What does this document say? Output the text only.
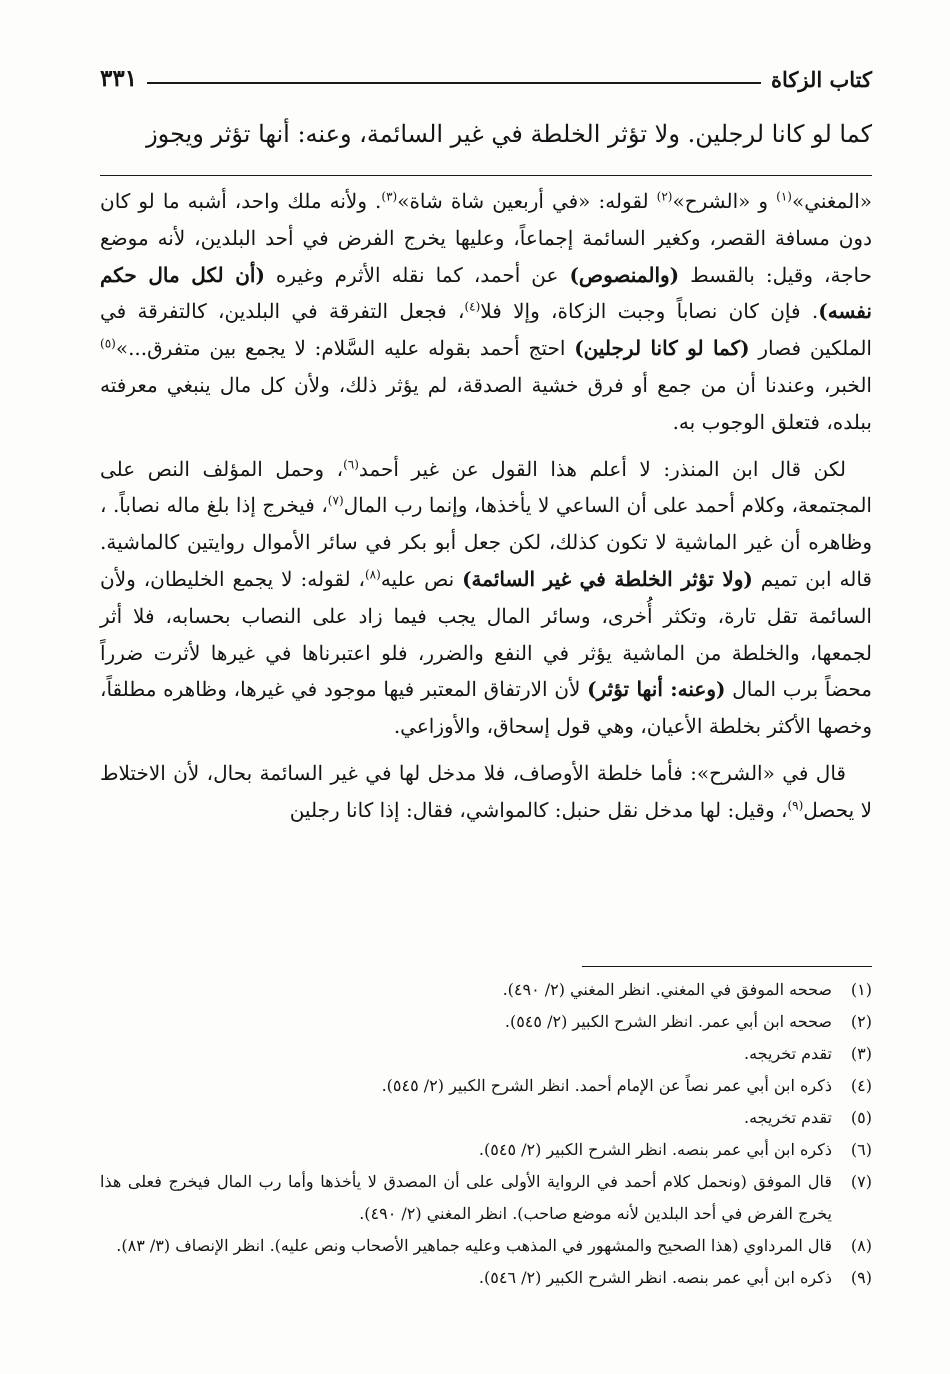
كتاب الزكاة
٣٣١
كما لو كانا لرجلين. ولا تؤثر الخلطة في غير السائمة، وعنه: أنها تؤثر ويجوز

«المغني»$^{(١)}$ و «الشرح»$^{(٢)}$ لقوله: «في أربعين شاة شاة»$^{(٣)}$. ولأنه ملك واحد، أشبه ما لو كان دون مسافة القصر، وكغير السائمة إجماعاً، وعليها يخرج الفرض في أحد البلدين، لأنه موضع حاجة، وقيل: بالقسط (والمنصوص) عن أحمد، كما نقله الأثرم وغيره (أن لكل مال حكم نفسه). فإن كان نصاباً وجبت الزكاة، وإلا فلا$^{(٤)}$، فجعل التفرقة في البلدين، كالتفرقة في الملكين فصار (كما لو كانا لرجلين) احتج أحمد بقوله عليه السَّلام: لا يجمع بين متفرق...»$^{(٥)}$ الخبر، وعندنا أن من جمع أو فرق خشية الصدقة، لم يؤثر ذلك، ولأن كل مال ينبغي معرفته ببلده، فتعلق الوجوب به.

لكن قال ابن المنذر: لا أعلم هذا القول عن غير أحمد$^{(٦)}$، وحمل المؤلف النص على المجتمعة، وكلام أحمد على أن الساعي لا يأخذها، وإنما رب المال$^{(٧)}$، فيخرج إذا بلغ ماله نصاباً. ، وظاهره أن غير الماشية لا تكون كذلك، لكن جعل أبو بكر في سائر الأموال روايتين كالماشية. قاله ابن تميم (ولا تؤثر الخلطة في غير السائمة) نص عليه$^{(٨)}$، لقوله: لا يجمع الخليطان، ولأن السائمة تقل تارة، وتكثر أُخرى، وسائر المال يجب فيما زاد على النصاب بحسابه، فلا أثر لجمعها، والخلطة من الماشية يؤثر في النفع والضرر، فلو اعتبرناها في غيرها لأثرت ضرراً محضاً برب المال (وعنه: أنها تؤثر) لأن الارتفاق المعتبر فيها موجود في غيرها، وظاهره مطلقاً، وخصها الأكثر بخلطة الأعيان، وهي قول إسحاق، والأوزاعي.

قال في «الشرح»: فأما خلطة الأوصاف، فلا مدخل لها في غير السائمة بحال، لأن الاختلاط لا يحصل$^{(٩)}$، وقيل: لها مدخل نقل حنبل: كالمواشي، فقال: إذا كانا رجلين

(١)
صححه الموفق في المغني. انظر المغني (٢/ ٤٩٠).
(٢)
صححه ابن أبي عمر. انظر الشرح الكبير (٢/ ٥٤٥).
(٣)
تقدم تخريجه.
(٤)
ذكره ابن أبي عمر نصاً عن الإمام أحمد. انظر الشرح الكبير (٢/ ٥٤٥).
(٥)
تقدم تخريجه.
(٦)
ذكره ابن أبي عمر بنصه. انظر الشرح الكبير (٢/ ٥٤٥).
(٧)
قال الموفق (ونحمل كلام أحمد في الرواية الأولى على أن المصدق لا يأخذها وأما رب المال فيخرج فعلى هذا يخرج الفرض في أحد البلدين لأنه موضع صاحب). انظر المغني (٢/ ٤٩٠).
(٨)
قال المرداوي (هذا الصحيح والمشهور في المذهب وعليه جماهير الأصحاب ونص عليه). انظر الإنصاف (٣/ ٨٣).
(٩)
ذكره ابن أبي عمر بنصه. انظر الشرح الكبير (٢/ ٥٤٦).
